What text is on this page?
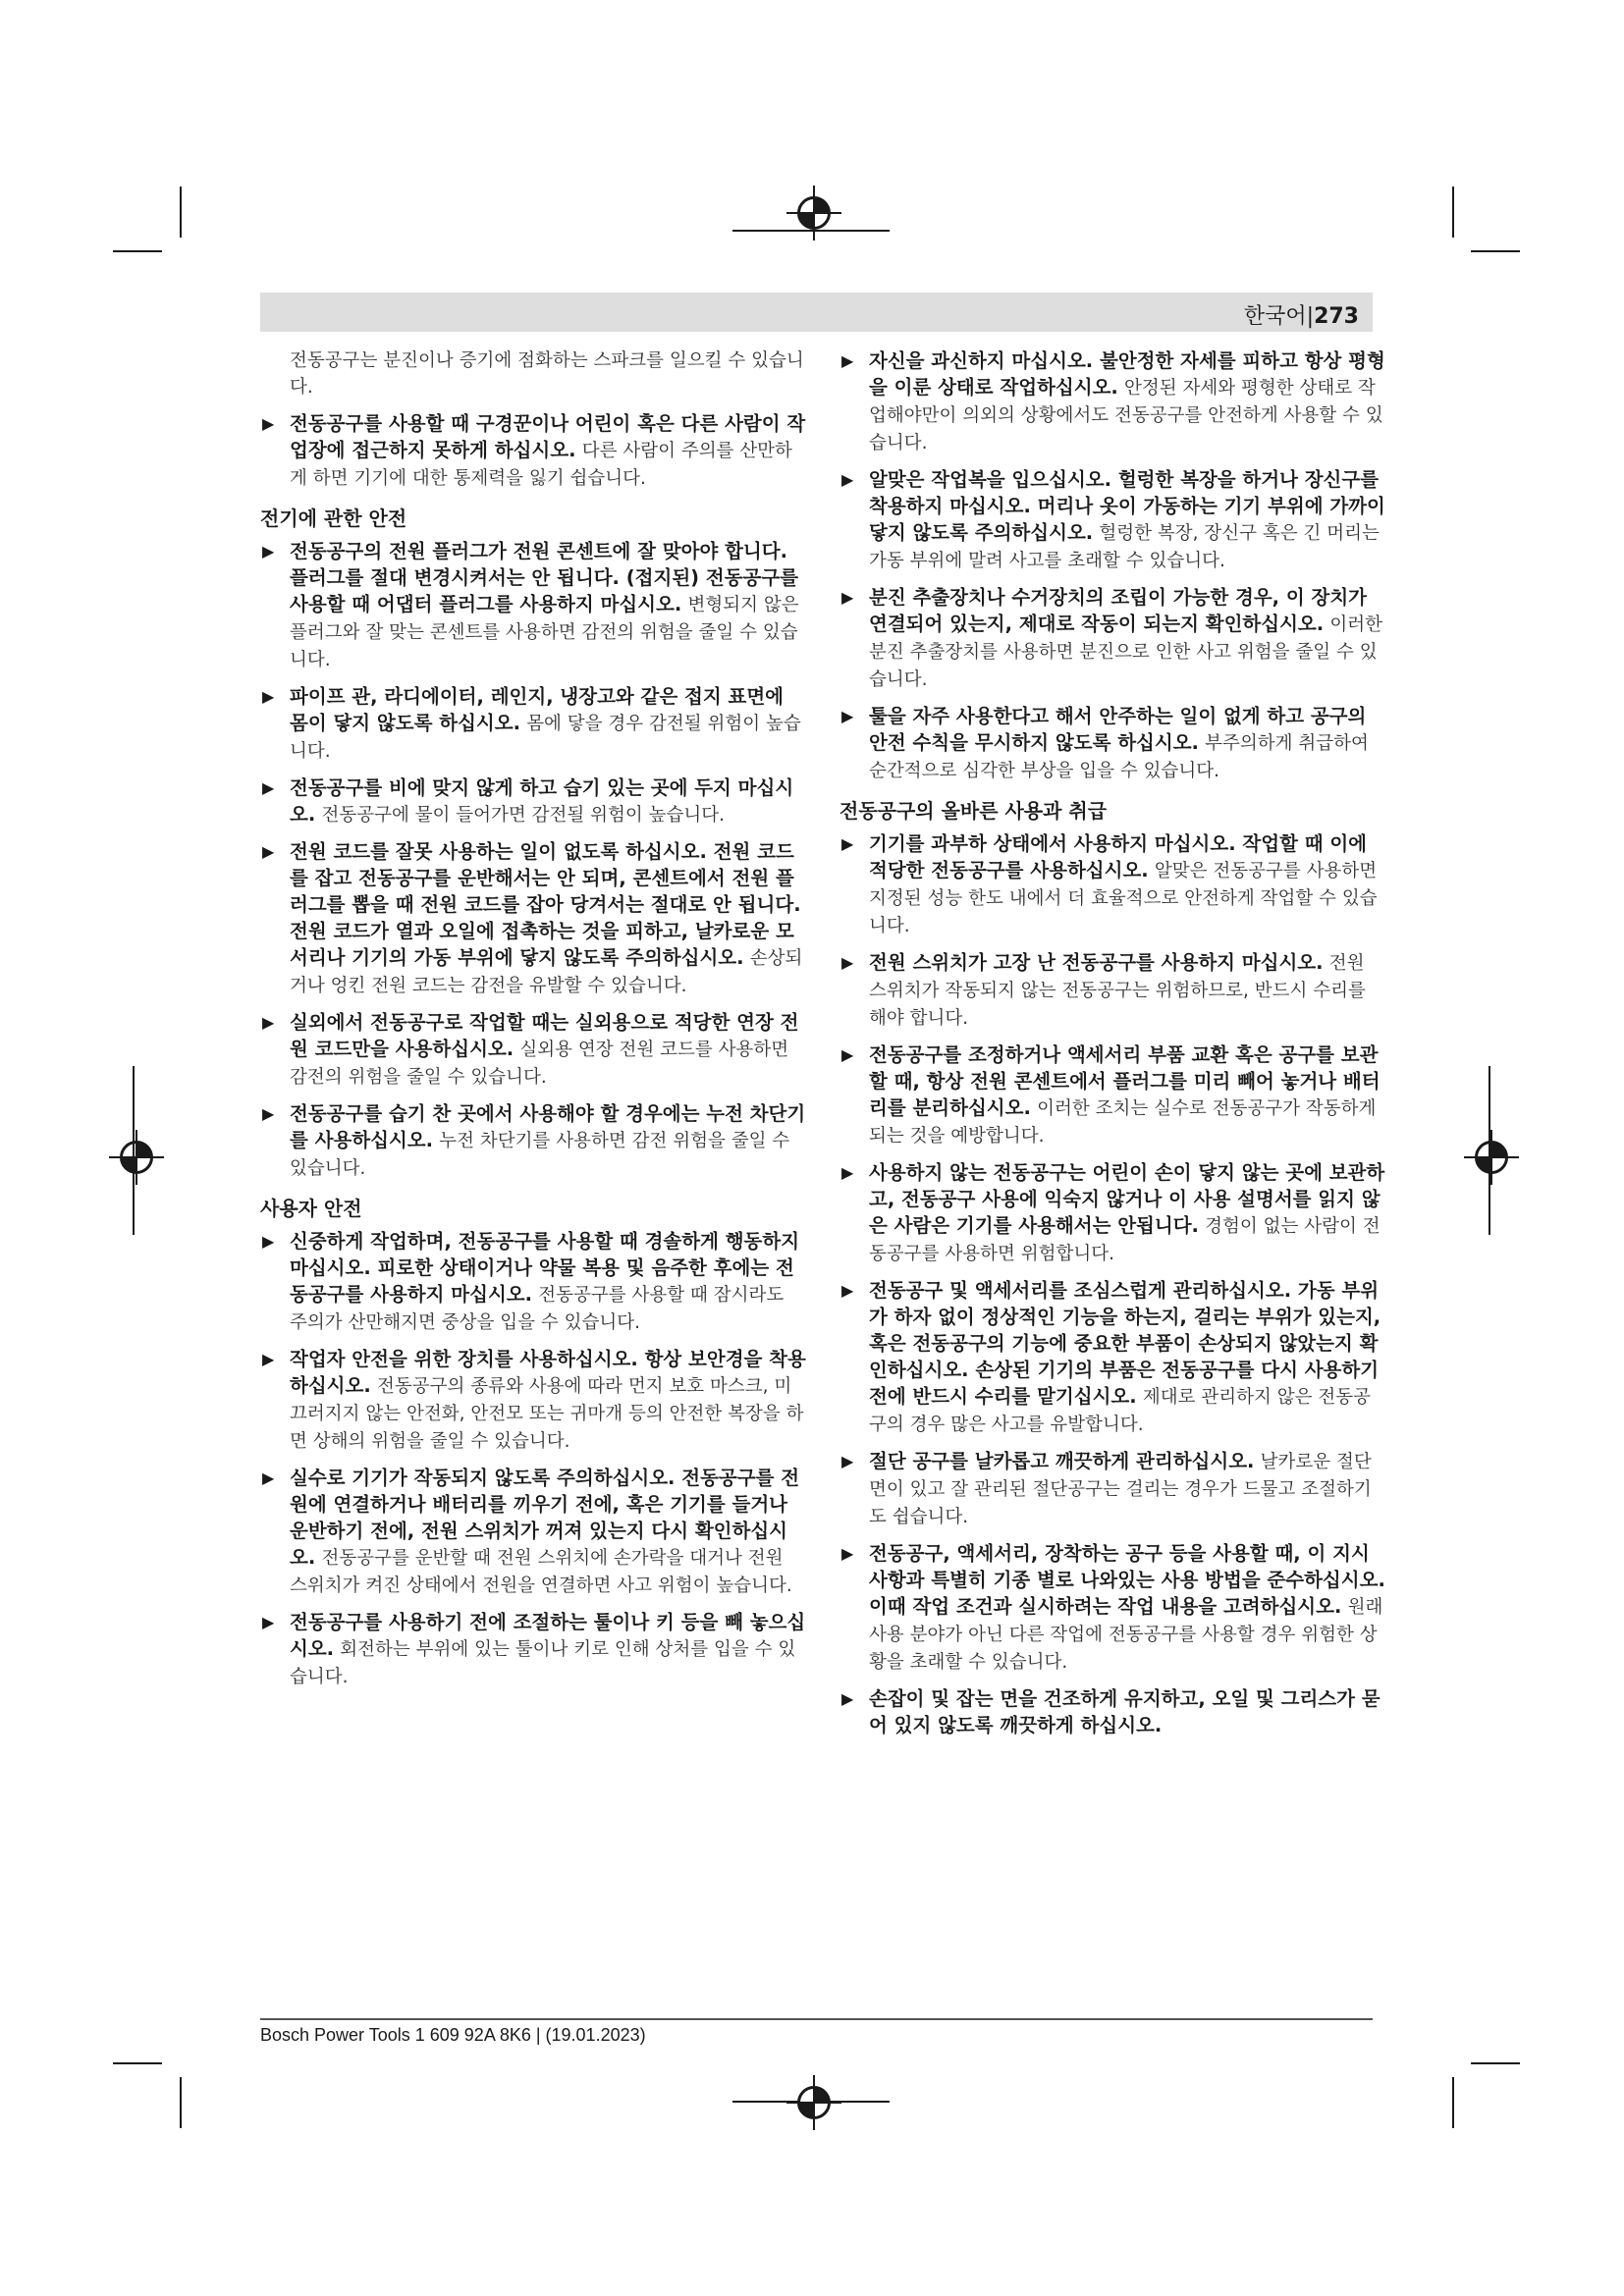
한국어|273
전동공구는 분진이나 증기에 점화하는 스파크를 일으킬 수 있습니다.
▶ 전동공구를 사용할 때 구경꾼이나 어린이 혹은 다른 사람이 작업장에 접근하지 못하게 하십시오. 다른 사람이 주의를 산만하게 하면 기기에 대한 통제력을 잃기 쉽습니다.
전기에 관한 안전
▶ 전동공구의 전원 플러그가 전원 콘센트에 잘 맞아야 합니다. 플러그를 절대 변경시켜서는 안 됩니다. (접지된) 전동공구를 사용할 때 어댑터 플러그를 사용하지 마십시오. 변형되지 않은 플러그와 잘 맞는 콘센트를 사용하면 감전의 위험을 줄일 수 있습니다.
▶ 파이프 관, 라디에이터, 레인지, 냉장고와 같은 접지 표면에 몸이 닿지 않도록 하십시오. 몸에 닿을 경우 감전될 위험이 높습니다.
▶ 전동공구를 비에 맞지 않게 하고 습기 있는 곳에 두지 마십시오. 전동공구에 물이 들어가면 감전될 위험이 높습니다.
▶ 전원 코드를 잘못 사용하는 일이 없도록 하십시오. 전원 코드를 잡고 전동공구를 운반해서는 안 되며, 콘센트에서 전원 플러그를 뽑을 때 전원 코드를 잡아 당겨서는 절대로 안 됩니다. 전원 코드가 열과 오일에 접촉하는 것을 피하고, 날카로운 모서리나 기기의 가동 부위에 닿지 않도록 주의하십시오. 손상되거나 엉킨 전원 코드는 감전을 유발할 수 있습니다.
▶ 실외에서 전동공구로 작업할 때는 실외용으로 적당한 연장 전원 코드만을 사용하십시오. 실외용 연장 전원 코드를 사용하면 감전의 위험을 줄일 수 있습니다.
▶ 전동공구를 습기 찬 곳에서 사용해야 할 경우에는 누전 차단기를 사용하십시오. 누전 차단기를 사용하면 감전 위험을 줄일 수 있습니다.
사용자 안전
▶ 신중하게 작업하며, 전동공구를 사용할 때 경솔하게 행동하지 마십시오. 피로한 상태이거나 약물 복용 및 음주한 후에는 전동공구를 사용하지 마십시오. 전동공구를 사용할 때 잠시라도 주의가 산만해지면 중상을 입을 수 있습니다.
▶ 작업자 안전을 위한 장치를 사용하십시오. 항상 보안경을 착용하십시오. 전동공구의 종류와 사용에 따라 먼지 보호 마스크, 미끄러지지 않는 안전화, 안전모 또는 귀마개 등의 안전한 복장을 하면 상해의 위험을 줄일 수 있습니다.
▶ 실수로 기기가 작동되지 않도록 주의하십시오. 전동공구를 전원에 연결하거나 배터리를 끼우기 전에, 혹은 기기를 들거나 운반하기 전에, 전원 스위치가 꺼져 있는지 다시 확인하십시오. 전동공구를 운반할 때 전원 스위치에 손가락을 대거나 전원 스위치가 켜진 상태에서 전원을 연결하면 사고 위험이 높습니다.
▶ 전동공구를 사용하기 전에 조절하는 툴이나 키 등을 빼 놓으십시오. 회전하는 부위에 있는 툴이나 키로 인해 상처를 입을 수 있습니다.
▶ 자신을 과신하지 마십시오. 불안정한 자세를 피하고 항상 평형을 이룬 상태로 작업하십시오. 안정된 자세와 평형한 상태로 작업해야만이 의외의 상황에서도 전동공구를 안전하게 사용할 수 있습니다.
▶ 알맞은 작업복을 입으십시오. 헐렁한 복장을 하거나 장신구를 착용하지 마십시오. 머리나 옷이 가동하는 기기 부위에 가까이 닿지 않도록 주의하십시오. 헐렁한 복장, 장신구 혹은 긴 머리는 가동 부위에 말려 사고를 초래할 수 있습니다.
▶ 분진 추출장치나 수거장치의 조립이 가능한 경우, 이 장치가 연결되어 있는지, 제대로 작동이 되는지 확인하십시오. 이러한 분진 추출장치를 사용하면 분진으로 인한 사고 위험을 줄일 수 있습니다.
▶ 툴을 자주 사용한다고 해서 안주하는 일이 없게 하고 공구의 안전 수칙을 무시하지 않도록 하십시오. 부주의하게 취급하여 순간적으로 심각한 부상을 입을 수 있습니다.
전동공구의 올바른 사용과 취급
▶ 기기를 과부하 상태에서 사용하지 마십시오. 작업할 때 이에 적당한 전동공구를 사용하십시오. 알맞은 전동공구를 사용하면 지정된 성능 한도 내에서 더 효율적으로 안전하게 작업할 수 있습니다.
▶ 전원 스위치가 고장 난 전동공구를 사용하지 마십시오. 전원 스위치가 작동되지 않는 전동공구는 위험하므로, 반드시 수리를 해야 합니다.
▶ 전동공구를 조정하거나 액세서리 부품 교환 혹은 공구를 보관할 때, 항상 전원 콘센트에서 플러그를 미리 빼어 놓거나 배터리를 분리하십시오. 이러한 조치는 실수로 전동공구가 작동하게 되는 것을 예방합니다.
▶ 사용하지 않는 전동공구는 어린이 손이 닿지 않는 곳에 보관하고, 전동공구 사용에 익숙지 않거나 이 사용 설명서를 읽지 않은 사람은 기기를 사용해서는 안됩니다. 경험이 없는 사람이 전동공구를 사용하면 위험합니다.
▶ 전동공구 및 액세서리를 조심스럽게 관리하십시오. 가동 부위가 하자 없이 정상적인 기능을 하는지, 걸리는 부위가 있는지, 혹은 전동공구의 기능에 중요한 부품이 손상되지 않았는지 확인하십시오. 손상된 기기의 부품은 전동공구를 다시 사용하기 전에 반드시 수리를 맡기십시오. 제대로 관리하지 않은 전동공구의 경우 많은 사고를 유발합니다.
▶ 절단 공구를 날카롭고 깨끗하게 관리하십시오. 날카로운 절단면이 있고 잘 관리된 절단공구는 걸리는 경우가 드물고 조절하기도 쉽습니다.
▶ 전동공구, 액세서리, 장착하는 공구 등을 사용할 때, 이 지시 사항과 특별히 기종 별로 나와있는 사용 방법을 준수하십시오. 이때 작업 조건과 실시하려는 작업 내용을 고려하십시오. 원래 사용 분야가 아닌 다른 작업에 전동공구를 사용할 경우 위험한 상황을 초래할 수 있습니다.
▶ 손잡이 및 잡는 면을 건조하게 유지하고, 오일 및 그리스가 묻어 있지 않도록 깨끗하게 하십시오.
Bosch Power Tools 1 609 92A 8K6 | (19.01.2023)
